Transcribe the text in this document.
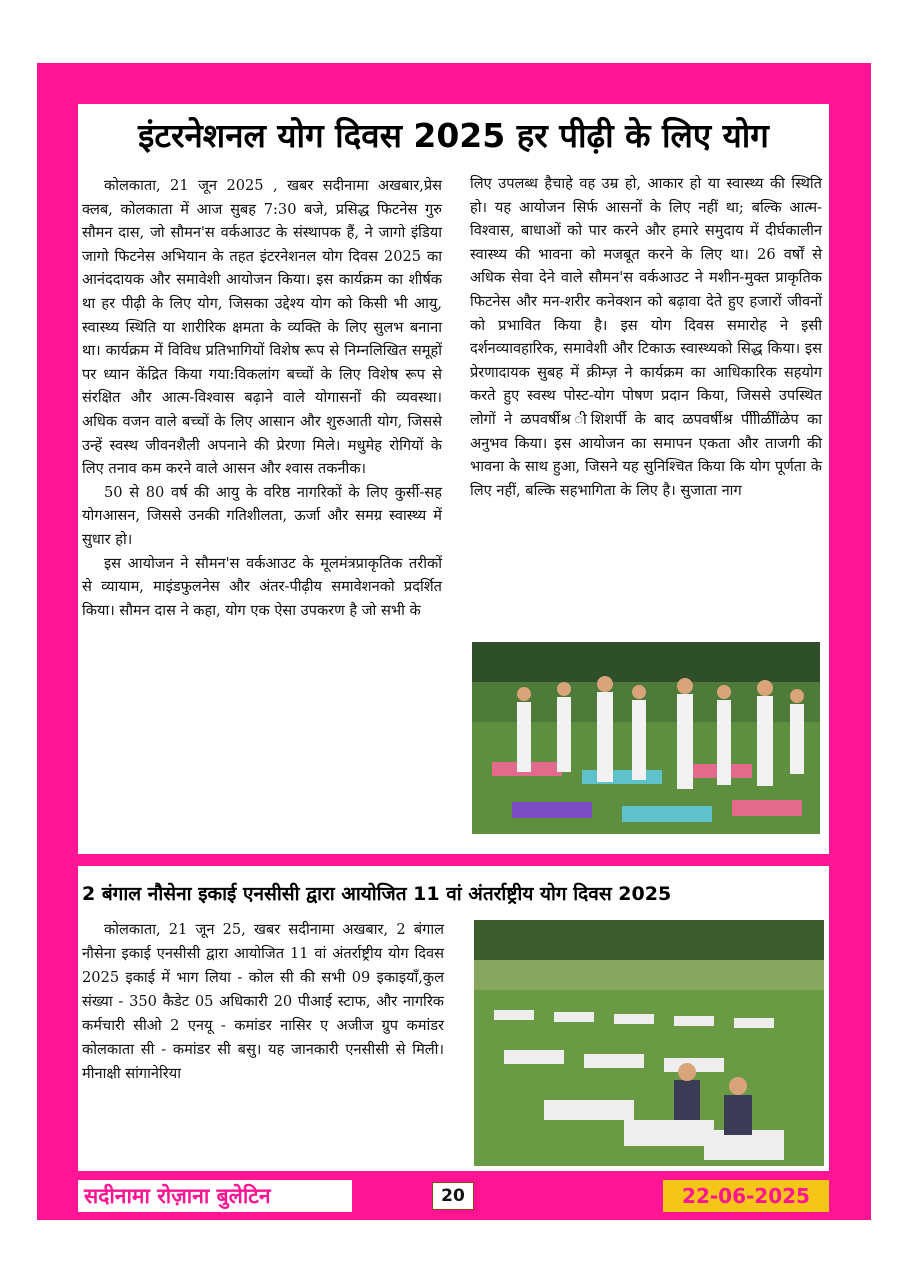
इंटरनेशनल योग दिवस 2025 हर पीढ़ी के लिए योग

कोलकाता, 21 जून 2025 , खबर सदीनामा अखबार,प्रेस क्लब, कोलकाता में आज सुबह 7:30 बजे, प्रसिद्ध फिटनेस गुरु सौमन दास, जो सौमन'स वर्कआउट के संस्थापक हैं, ने जागो इंडिया जागो फिटनेस अभियान के तहत इंटरनेशनल योग दिवस 2025 का आनंददायक और समावेशी आयोजन किया। इस कार्यक्रम का शीर्षक था हर पीढ़ी के लिए योग, जिसका उद्देश्य योग को किसी भी आयु, स्वास्थ्य स्थिति या शारीरिक क्षमता के व्यक्ति के लिए सुलभ बनाना था। कार्यक्रम में विविध प्रतिभागियों विशेष रूप से निम्नलिखित समूहों पर ध्यान केंद्रित किया गया:विकलांग बच्चों के लिए विशेष रूप से संरक्षित और आत्म-विश्वास बढ़ाने वाले योगासनों की व्यवस्था। अधिक वजन वाले बच्चों के लिए आसान और शुरुआती योग, जिससे उन्हें स्वस्थ जीवनशैली अपनाने की प्रेरणा मिले। मधुमेह रोगियों के लिए तनाव कम करने वाले आसन और श्वास तकनीक।

50 से 80 वर्ष की आयु के वरिष्ठ नागरिकों के लिए कुर्सी-सह योगआसन, जिससे उनकी गतिशीलता, ऊर्जा और समग्र स्वास्थ्य में सुधार हो।

इस आयोजन ने सौमन'स वर्कआउट के मूलमंत्रप्राकृतिक तरीकों से व्यायाम, माइंडफुलनेस और अंतर-पीढ़ीय समावेशनको प्रदर्शित किया। सौमन दास ने कहा, योग एक ऐसा उपकरण है जो सभी के

लिए उपलब्ध हैचाहे वह उम्र हो, आकार हो या स्वास्थ्य की स्थिति हो। यह आयोजन सिर्फ आसनों के लिए नहीं था; बल्कि आत्म-विश्वास, बाधाओं को पार करने और हमारे समुदाय में दीर्घकालीन स्वास्थ्य की भावना को मजबूत करने के लिए था। 26 वर्षों से अधिक सेवा देने वाले सौमन'स वर्कआउट ने मशीन-मुक्त प्राकृतिक फिटनेस और मन-शरीर कनेक्शन को बढ़ावा देते हुए हजारों जीवनों को प्रभावित किया है। इस योग दिवस समारोह ने इसी दर्शनव्यावहारिक, समावेशी और टिकाऊ स्वास्थ्यको सिद्ध किया। इस प्रेरणादायक सुबह में क्रीम्ज़ ने कार्यक्रम का आधिकारिक सहयोग करते हुए स्वस्थ पोस्ट-योग पोषण प्रदान किया, जिससे उपस्थित लोगों ने ळपवर्षीश्र ीशिशर्पी के बाद ळपवर्षीश्र पीीीळीींळेप का अनुभव किया। इस आयोजन का समापन एकता और ताजगी की भावना के साथ हुआ, जिसने यह सुनिश्चित किया कि योग पूर्णता के लिए नहीं, बल्कि सहभागिता के लिए है। सुजाता नाग

2 बंगाल नौसेना इकाई एनसीसी द्वारा आयोजित 11 वां अंतर्राष्ट्रीय योग दिवस 2025

कोलकाता, 21 जून 25, खबर सदीनामा अखबार, 2 बंगाल नौसेना इकाई एनसीसी द्वारा आयोजित 11 वां अंतर्राष्ट्रीय योग दिवस 2025 इकाई में भाग लिया - कोल सी की सभी 09 इकाइयाँ,कुल संख्या - 350 कैडेट 05 अधिकारी 20 पीआई स्टाफ, और नागरिक कर्मचारी सीओ 2 एनयू - कमांडर नासिर ए अजीज ग्रुप कमांडर कोलकाता सी - कमांडर सी बसु। यह जानकारी एनसीसी से मिली। मीनाक्षी सांगानेरिया

सदीनामा रोज़ाना बुलेटिन	20	22-06-2025
